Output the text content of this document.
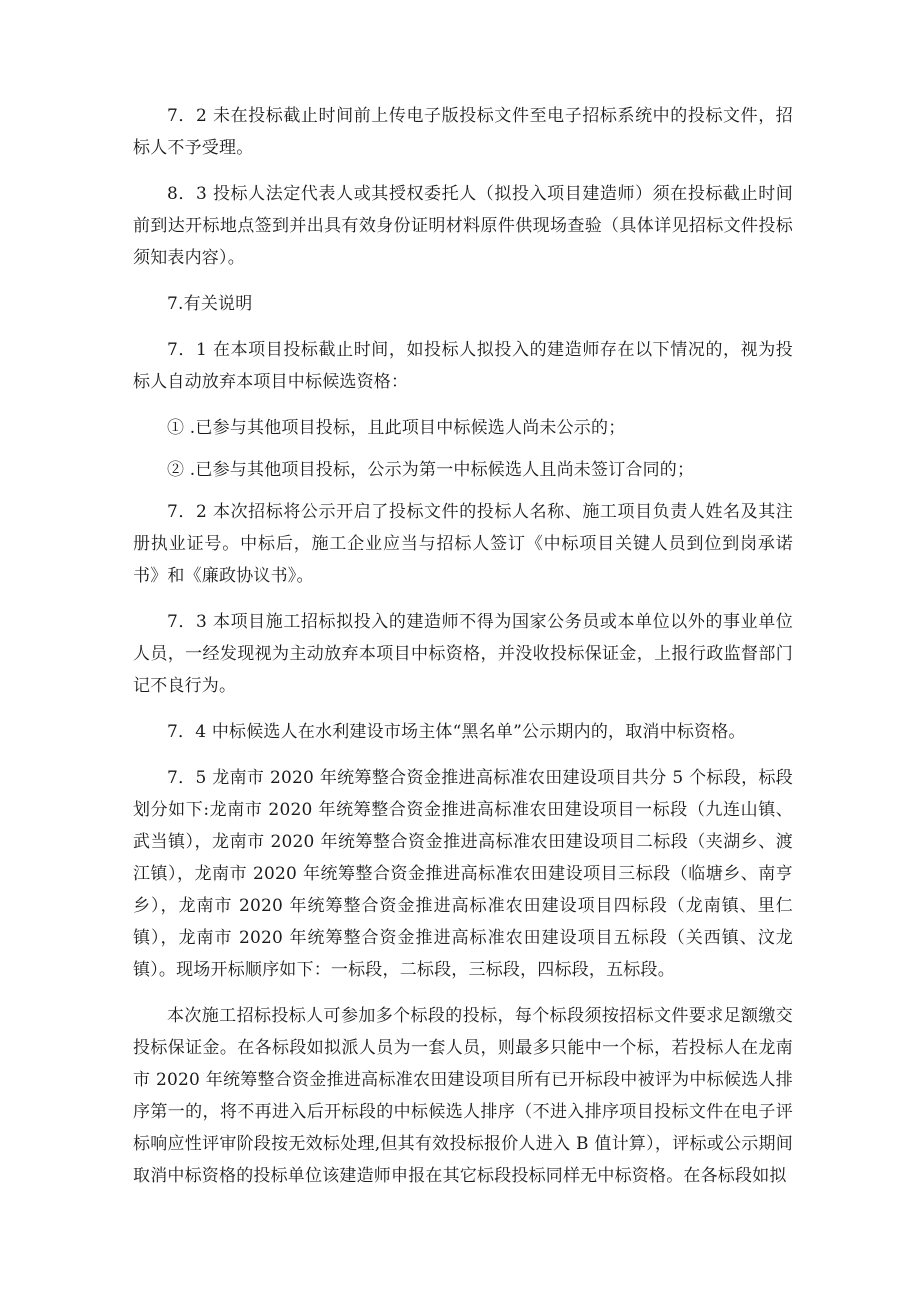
7．2 未在投标截止时间前上传电子版投标文件至电子招标系统中的投标文件，招标人不予受理。

8．3 投标人法定代表人或其授权委托人（拟投入项目建造师）须在投标截止时间前到达开标地点签到并出具有效身份证明材料原件供现场查验（具体详见招标文件投标须知表内容）。

7.有关说明

7．1 在本项目投标截止时间，如投标人拟投入的建造师存在以下情况的，视为投标人自动放弃本项目中标候选资格：

① .已参与其他项目投标，且此项目中标候选人尚未公示的；

② .已参与其他项目投标，公示为第一中标候选人且尚未签订合同的；

7．2 本次招标将公示开启了投标文件的投标人名称、施工项目负责人姓名及其注册执业证号。中标后，施工企业应当与招标人签订《中标项目关键人员到位到岗承诺书》和《廉政协议书》。

7．3 本项目施工招标拟投入的建造师不得为国家公务员或本单位以外的事业单位人员，一经发现视为主动放弃本项目中标资格，并没收投标保证金，上报行政监督部门记不良行为。

7．4 中标候选人在水利建设市场主体“黑名单”公示期内的，取消中标资格。

7．5 龙南市 2020 年统筹整合资金推进高标准农田建设项目共分 5 个标段，标段划分如下:龙南市 2020 年统筹整合资金推进高标准农田建设项目一标段（九连山镇、武当镇），龙南市 2020 年统筹整合资金推进高标准农田建设项目二标段（夹湖乡、渡江镇），龙南市 2020 年统筹整合资金推进高标准农田建设项目三标段（临塘乡、南亨乡），龙南市 2020 年统筹整合资金推进高标准农田建设项目四标段（龙南镇、里仁镇），龙南市 2020 年统筹整合资金推进高标准农田建设项目五标段（关西镇、汶龙镇）。现场开标顺序如下：一标段，二标段，三标段，四标段，五标段。

本次施工招标投标人可参加多个标段的投标，每个标段须按招标文件要求足额缴交投标保证金。在各标段如拟派人员为一套人员，则最多只能中一个标，若投标人在龙南市 2020 年统筹整合资金推进高标准农田建设项目所有已开标段中被评为中标候选人排序第一的，将不再进入后开标段的中标候选人排序（不进入排序项目投标文件在电子评标响应性评审阶段按无效标处理,但其有效投标报价人进入 B 值计算），评标或公示期间取消中标资格的投标单位该建造师申报在其它标段投标同样无中标资格。在各标段如拟
